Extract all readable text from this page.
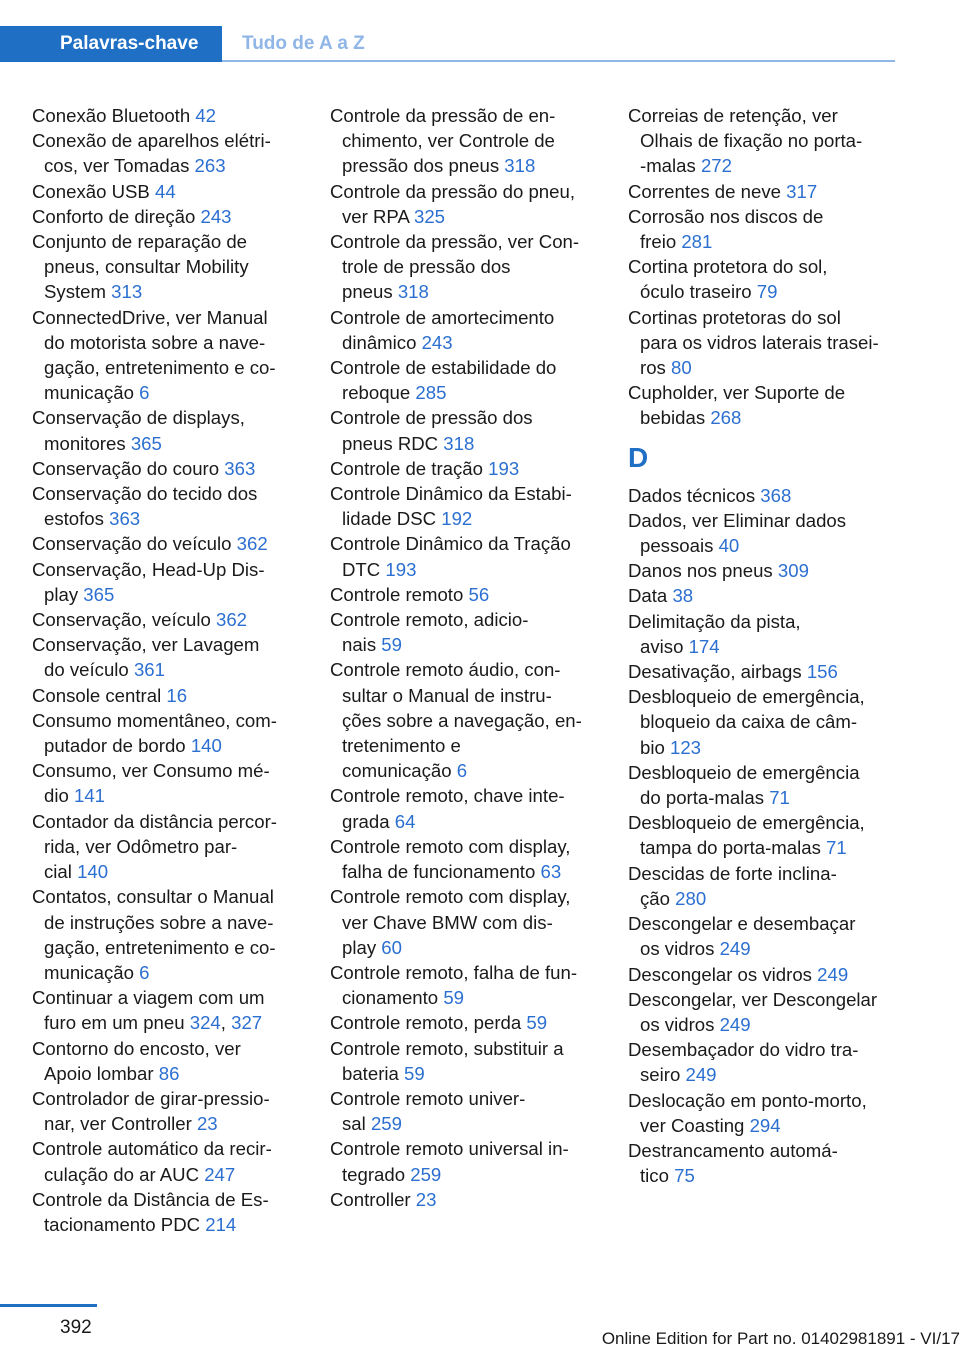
Palavras-chave	Tudo de A a Z
Conexão Bluetooth 42
Conexão de aparelhos elétri-
cos, ver Tomadas 263
Conexão USB 44
Conforto de direção 243
Conjunto de reparação de
pneus, consultar Mobility
System 313
ConnectedDrive, ver Manual
do motorista sobre a nave‐
gação, entretenimento e co‐
municação 6
Conservação de displays,
monitores 365
Conservação do couro 363
Conservação do tecido dos
estofos 363
Conservação do veículo 362
Conservação, Head-Up Dis‐
play 365
Conservação, veículo 362
Conservação, ver Lavagem
do veículo 361
Console central 16
Consumo momentâneo, com‐
putador de bordo 140
Consumo, ver Consumo mé‐
dio 141
Contador da distância percor‐
rida, ver Odômetro par‐
cial 140
Contatos, consultar o Manual
de instruções sobre a nave‐
gação, entretenimento e co‐
municação 6
Continuar a viagem com um
furo em um pneu 324, 327
Contorno do encosto, ver
Apoio lombar 86
Controlador de girar-pressio‐
nar, ver Controller 23
Controle automático da recir‐
culação do ar AUC 247
Controle da Distância de Es‐
tacionamento PDC 214
Controle da pressão de en‐
chimento, ver Controle de
pressão dos pneus 318
Controle da pressão do pneu,
ver RPA 325
Controle da pressão, ver Con‐
trole de pressão dos
pneus 318
Controle de amortecimento
dinâmico 243
Controle de estabilidade do
reboque 285
Controle de pressão dos
pneus RDC 318
Controle de tração 193
Controle Dinâmico da Estabi‐
lidade DSC 192
Controle Dinâmico da Tração
DTC 193
Controle remoto 56
Controle remoto, adicio‐
nais 59
Controle remoto áudio, con‐
sultar o Manual de instru‐
ções sobre a navegação, en‐
tretenimento e
comunicação 6
Controle remoto, chave inte‐
grada 64
Controle remoto com display,
falha de funcionamento 63
Controle remoto com display,
ver Chave BMW com dis‐
play 60
Controle remoto, falha de fun‐
cionamento 59
Controle remoto, perda 59
Controle remoto, substituir a
bateria 59
Controle remoto univer‐
sal 259
Controle remoto universal in‐
tegrado 259
Controller 23
Correias de retenção, ver
Olhais de fixação no porta-
-malas 272
Correntes de neve 317
Corrosão nos discos de
freio 281
Cortina protetora do sol,
óculo traseiro 79
Cortinas protetoras do sol
para os vidros laterais trasei‐
ros 80
Cupholder, ver Suporte de
bebidas 268
D
Dados técnicos 368
Dados, ver Eliminar dados
pessoais 40
Danos nos pneus 309
Data 38
Delimitação da pista,
aviso 174
Desativação, airbags 156
Desbloqueio de emergência,
bloqueio da caixa de câm‐
bio 123
Desbloqueio de emergência
do porta-malas 71
Desbloqueio de emergência,
tampa do porta-malas 71
Descidas de forte inclina‐
ção 280
Descongelar e desembaçar
os vidros 249
Descongelar os vidros 249
Descongelar, ver Descongelar
os vidros 249
Desembaçador do vidro tra‐
seiro 249
Deslocação em ponto-morto,
ver Coasting 294
Destrancamento automá‐
tico 75
392
Online Edition for Part no. 01402981891 - VI/17
